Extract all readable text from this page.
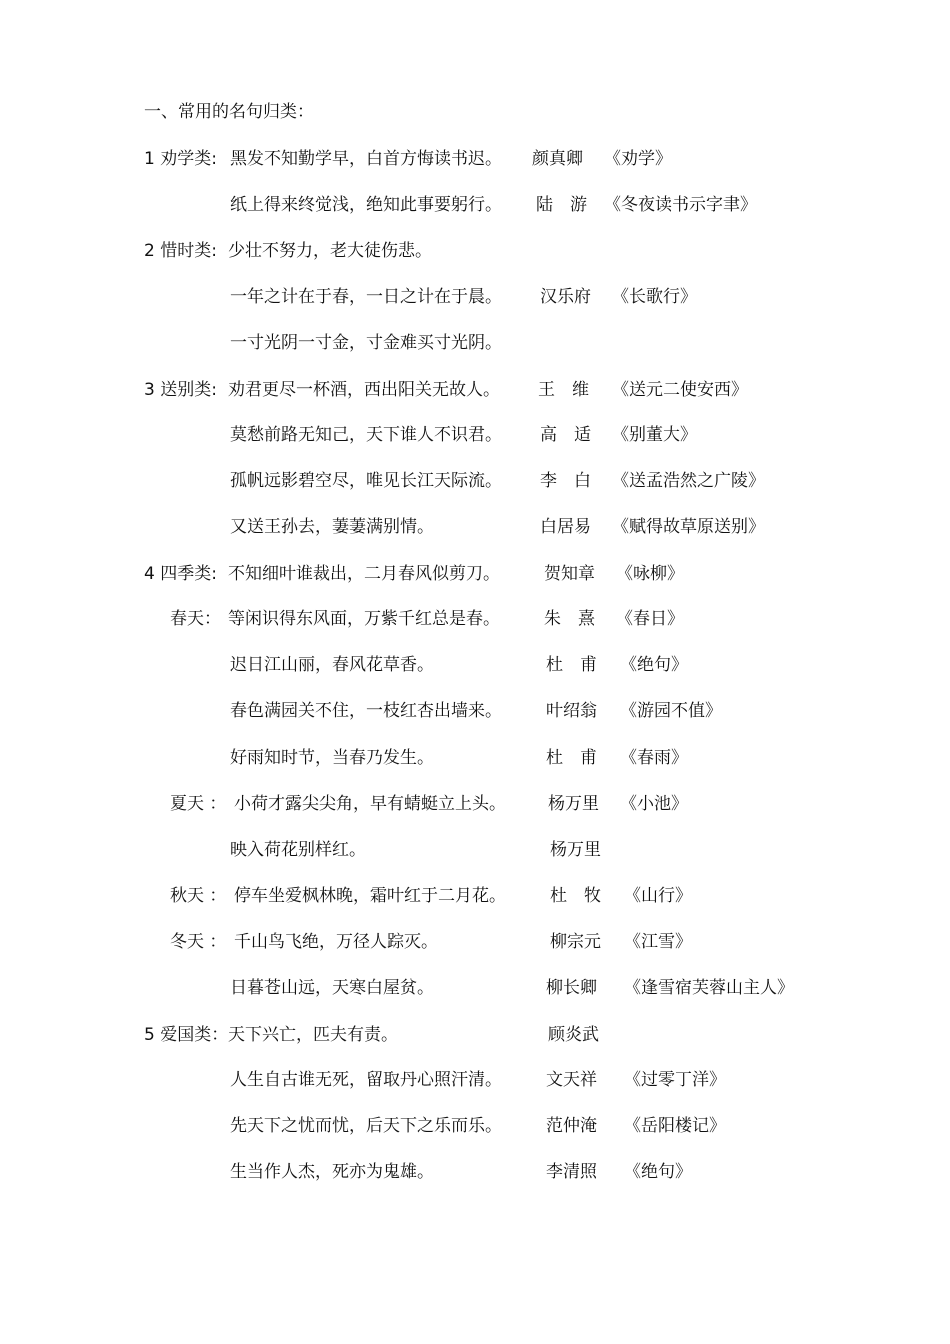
一、常用的名句归类：
1 劝学类: 黑发不知勤学早，白首方悔读书迟。 颜真卿 《劝学》
纸上得来终觉浅，绝知此事要躬行。 陆　游 《冬夜读书示字聿》
2 惜时类: 少壮不努力，老大徒伤悲。
一年之计在于春，一日之计在于晨。 汉乐府 《长歌行》
一寸光阴一寸金，寸金难买寸光阴。
3 送别类: 劝君更尽一杯酒，西出阳关无故人。 王　维 《送元二使安西》
莫愁前路无知己，天下谁人不识君。 高　适 《别董大》
孤帆远影碧空尽，唯见长江天际流。 李　白 《送孟浩然之广陵》
又送王孙去，萋萋满别情。	白居易 《赋得故草原送别》
4 四季类: 不知细叶谁裁出，二月春风似剪刀。	贺知章 《咏柳》
春天： 等闲识得东风面，万紫千红总是春。	朱　熹 《春日》
迟日江山丽，春风花草香。	杜　甫 《绝句》
春色满园关不住，一枝红杏出墙来。	叶绍翁 《游园不值》
好雨知时节，当春乃发生。	杜　甫 《春雨》
夏天 ： 小荷才露尖尖角，早有蜻蜓立上头。 杨万里 《小池》
映入荷花别样红。	杨万里
秋天 ： 停车坐爱枫林晚，霜叶红于二月花。	杜　牧 《山行》
冬天 ： 千山鸟飞绝，万径人踪灭。	柳宗元 《江雪》
日暮苍山远，天寒白屋贫。	柳长卿 《逢雪宿芙蓉山主人》
5 爱国类： 天下兴亡，匹夫有责。	顾炎武
人生自古谁无死，留取丹心照汗清。	文天祥 《过零丁洋》
先天下之忧而忧，后天下之乐而乐。	范仲淹 《岳阳楼记》
生当作人杰，死亦为鬼雄。	李清照 《绝句》
